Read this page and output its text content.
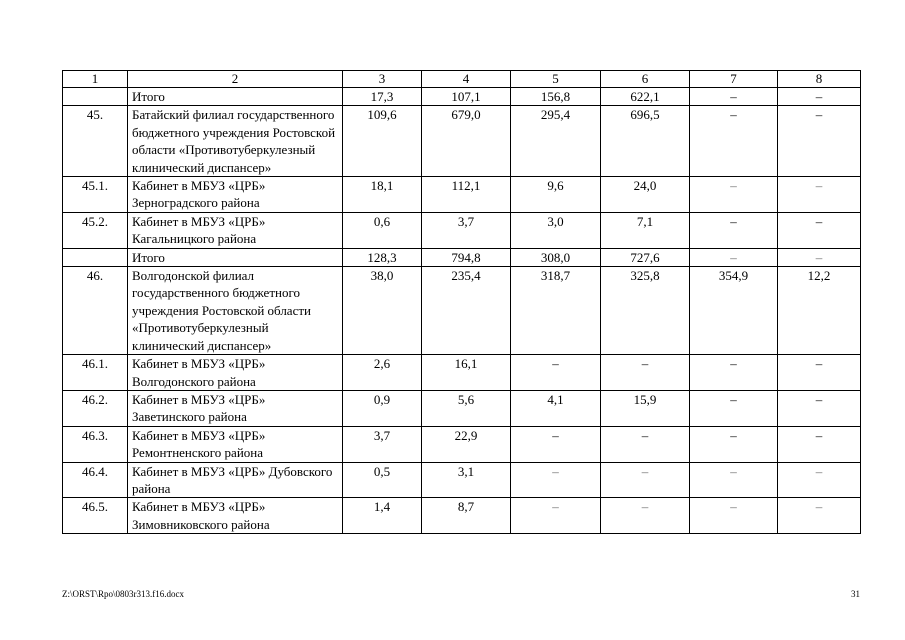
1	2	3	4	5	6	7	8
	Итого	17,3	107,1	156,8	622,1	–	–
45.	Батайский филиал государственного бюджетного учреждения Ростовской области «Противотуберкулезный клинический диспансер»	109,6	679,0	295,4	696,5	–	–
45.1.	Кабинет в МБУЗ «ЦРБ» Зерноградского района	18,1	112,1	9,6	24,0	–	–
45.2.	Кабинет в МБУЗ «ЦРБ» Кагальницкого района	0,6	3,7	3,0	7,1	–	–
	Итого	128,3	794,8	308,0	727,6	–	–
46.	Волгодонской филиал государственного бюджетного учреждения Ростовской области «Противотуберкулезный клинический диспансер»	38,0	235,4	318,7	325,8	354,9	12,2
46.1.	Кабинет в МБУЗ «ЦРБ» Волгодонского района	2,6	16,1	–	–	–	–
46.2.	Кабинет в МБУЗ «ЦРБ» Заветинского района	0,9	5,6	4,1	15,9	–	–
46.3.	Кабинет в МБУЗ «ЦРБ» Ремонтненского района	3,7	22,9	–	–	–	–
46.4.	Кабинет в МБУЗ «ЦРБ» Дубовского района	0,5	3,1	–	–	–	–
46.5.	Кабинет в МБУЗ «ЦРБ» Зимовниковского района	1,4	8,7	–	–	–	–
Z:\ORST\Rpo\0803r313.f16.docx	31
